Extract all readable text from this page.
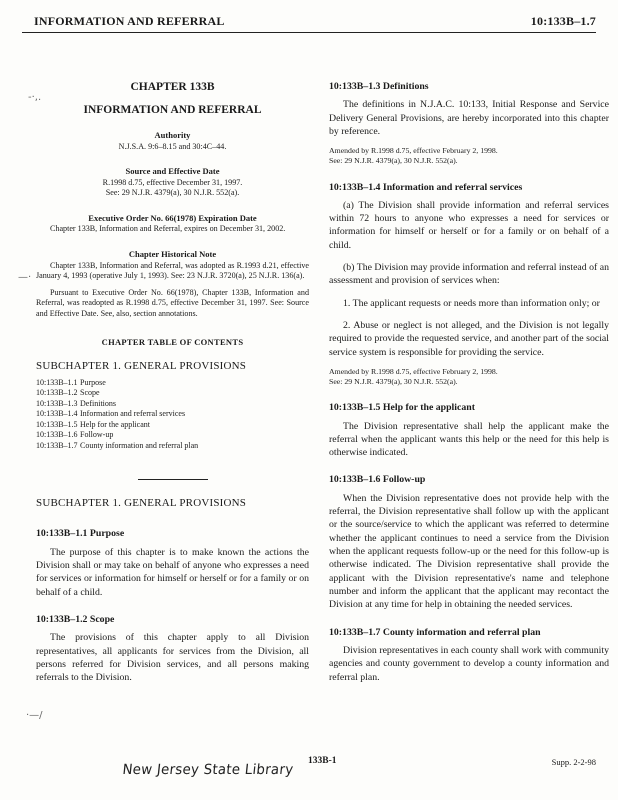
INFORMATION AND REFERRAL	10:133B–1.7
-·,.
—·
·—/
CHAPTER 133B
INFORMATION AND REFERRAL
Authority
N.J.S.A. 9:6–8.15 and 30:4C–44.
Source and Effective Date
R.1998 d.75, effective December 31, 1997.
See: 29 N.J.R. 4379(a), 30 N.J.R. 552(a).
Executive Order No. 66(1978) Expiration Date
Chapter 133B, Information and Referral, expires on December 31, 2002.
Chapter Historical Note
Chapter 133B, Information and Referral, was adopted as R.1993 d.21, effective January 4, 1993 (operative July 1, 1993). See: 23 N.J.R. 3720(a), 25 N.J.R. 136(a).
Pursuant to Executive Order No. 66(1978), Chapter 133B, Information and Referral, was readopted as R.1998 d.75, effective December 31, 1997. See: Source and Effective Date. See, also, section annotations.
CHAPTER TABLE OF CONTENTS
SUBCHAPTER 1. GENERAL PROVISIONS
10:133B–1.1 Purpose
10:133B–1.2 Scope
10:133B–1.3 Definitions
10:133B–1.4 Information and referral services
10:133B–1.5 Help for the applicant
10:133B–1.6 Follow-up
10:133B–1.7 County information and referral plan
SUBCHAPTER 1. GENERAL PROVISIONS
10:133B–1.1 Purpose

The purpose of this chapter is to make known the actions the Division shall or may take on behalf of anyone who expresses a need for services or information for himself or herself or for a family or on behalf of a child.

10:133B–1.2 Scope

The provisions of this chapter apply to all Division representatives, all applicants for services from the Division, all persons referred for Division services, and all persons making referrals to the Division.

10:133B–1.3 Definitions

The definitions in N.J.A.C. 10:133, Initial Response and Service Delivery General Provisions, are hereby incorporated into this chapter by reference.

Amended by R.1998 d.75, effective February 2, 1998.
See: 29 N.J.R. 4379(a), 30 N.J.R. 552(a).
10:133B–1.4 Information and referral services

(a) The Division shall provide information and referral services within 72 hours to anyone who expresses a need for services or information for himself or herself or for a family or on behalf of a child.

(b) The Division may provide information and referral instead of an assessment and provision of services when:

1. The applicant requests or needs more than information only; or

2. Abuse or neglect is not alleged, and the Division is not legally required to provide the requested service, and another part of the social service system is responsible for providing the service.

Amended by R.1998 d.75, effective February 2, 1998.
See: 29 N.J.R. 4379(a), 30 N.J.R. 552(a).
10:133B–1.5 Help for the applicant

The Division representative shall help the applicant make the referral when the applicant wants this help or the need for this help is otherwise indicated.

10:133B–1.6 Follow-up

When the Division representative does not provide help with the referral, the Division representative shall follow up with the applicant or the source/service to which the applicant was referred to determine whether the applicant continues to need a service from the Division when the applicant requests follow-up or the need for this follow-up is otherwise indicated. The Division representative shall provide the applicant with the Division representative's name and telephone number and inform the applicant that the applicant may recontact the Division at any time for help in obtaining the needed services.

10:133B–1.7 County information and referral plan

Division representatives in each county shall work with community agencies and county government to develop a county information and referral plan.

133B-1	Supp. 2-2-98
New Jersey State Library
